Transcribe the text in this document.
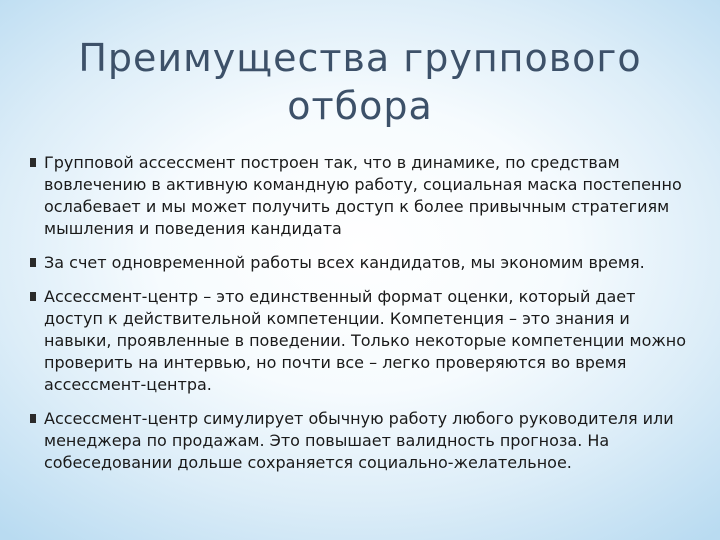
Преимущества группового отбора
Групповой ассессмент построен так, что в динамике, по средствам вовлечению в активную командную работу, социальная маска постепенно ослабевает и мы может получить доступ к более привычным стратегиям мышления и поведения кандидата
За счет одновременной работы всех кандидатов, мы экономим время.
Ассессмент-центр – это единственный формат оценки, который дает доступ к действительной компетенции. Компетенция – это знания и навыки, проявленные в поведении. Только некоторые компетенции можно проверить на интервью, но почти все – легко проверяются во время ассессмент-центра.
Ассессмент-центр симулирует обычную работу любого руководителя или менеджера по продажам. Это повышает валидность прогноза. На собеседовании дольше сохраняется социально-желательное.
